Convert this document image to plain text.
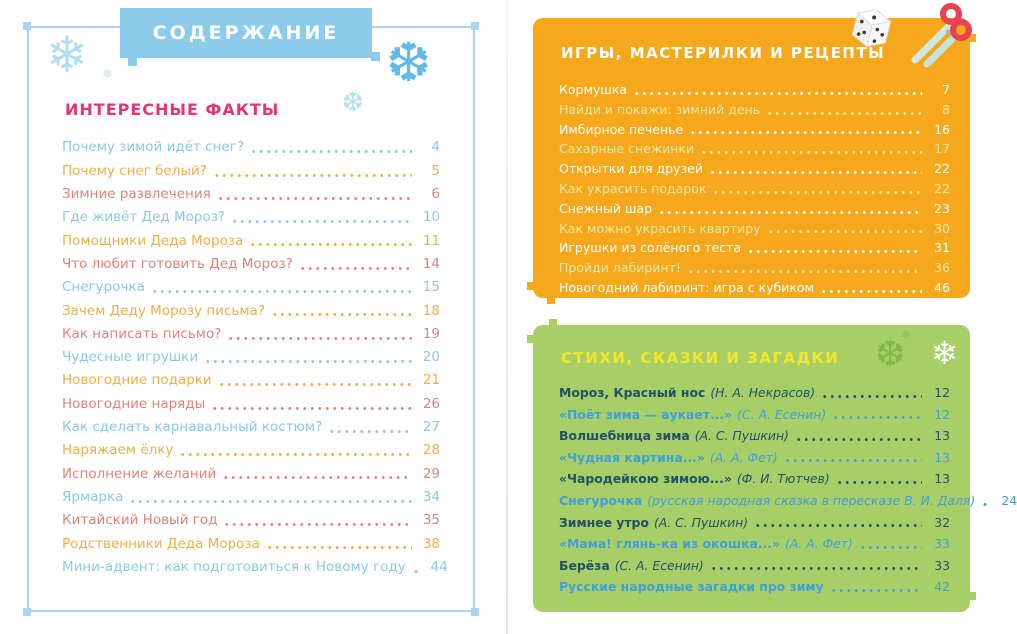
СОДЕРЖАНИЕ
❄ ❅	❆
❆
ИНТЕРЕСНЫЕ ФАКТЫ
Почему зимой идёт снег?	4
Почему снег белый?	5
Зимние развлечения	6
Где живёт Дед Мороз?	10
Помощники Деда Мороза	11
Что любит готовить Дед Мороз?	14
Снегурочка	15
Зачем Деду Морозу письма?	18
Как написать письмо?	19
Чудесные игрушки	20
Новогодние подарки	21
Новогодние наряды	26
Как сделать карнавальный костюм?	27
Наряжаем ёлку	28
Исполнение желаний	29
Ярмарка	34
Китайский Новый год	35
Родственники Деда Мороза	38
Мини-адвент: как подготовиться к Новому году	44
ИГРЫ, МАСТЕРИЛКИ И РЕЦЕПТЫ
Кормушка	7
Найди и покажи: зимний день	8
Имбирное печенье	16
Сахарные снежинки	17
Открытки для друзей	22
Как украсить подарок	22
Снежный шар	23
Как можно украсить квартиру	30
Игрушки из солёного теста	31
Пройди лабиринт!	36
Новогодний лабиринт: игра с кубиком	46
СТИХИ, СКАЗКИ И ЗАГАДКИ ❆
❅ ❄
Мороз, Красный нос (Н. А. Некрасов)	12
«Поёт зима — аукает...» (С. А. Есенин)	12
Волшебница зима (А. С. Пушкин)	13
«Чудная картина...» (А. А. Фет)	13
«Чародейкою зимою...» (Ф. И. Тютчев)	13
Снегурочка (русская народная сказка в пересказе В. И. Даля)	24
Зимнее утро (А. С. Пушкин)	32
«Мама! глянь-ка из окошка...» (А. А. Фет)	33
Берёза (С. А. Есенин)	33
Русские народные загадки про зиму	42
